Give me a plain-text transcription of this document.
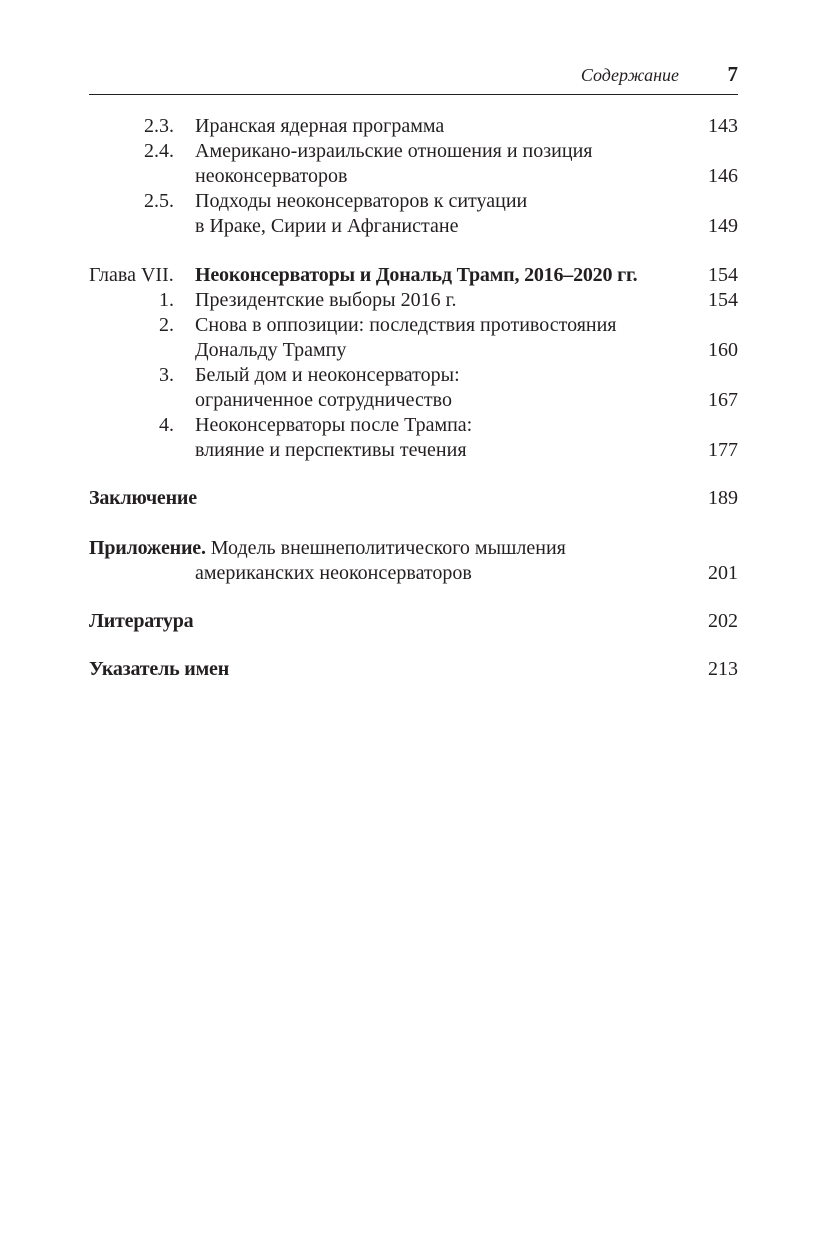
Содержание 7
2.3. Иранская ядерная программа	143
2.4. Американо-израильские отношения и позиция
неоконсерваторов	146
2.5. Подходы неоконсерваторов к ситуации
в Ираке, Сирии и Афганистане	149
Глава VII. Неоконсерваторы и Дональд Трамп, 2016–2020 гг.	154
1. Президентские выборы 2016 г.	154
2. Снова в оппозиции: последствия противостояния
Дональду Трампу	160
3. Белый дом и неоконсерваторы:
ограниченное сотрудничество	167
4. Неоконсерваторы после Трампа:
влияние и перспективы течения	177
Заключение	189
Приложение. Модель внешнеполитического мышления
американских неоконсерваторов	201
Литература	202
Указатель имен	213
